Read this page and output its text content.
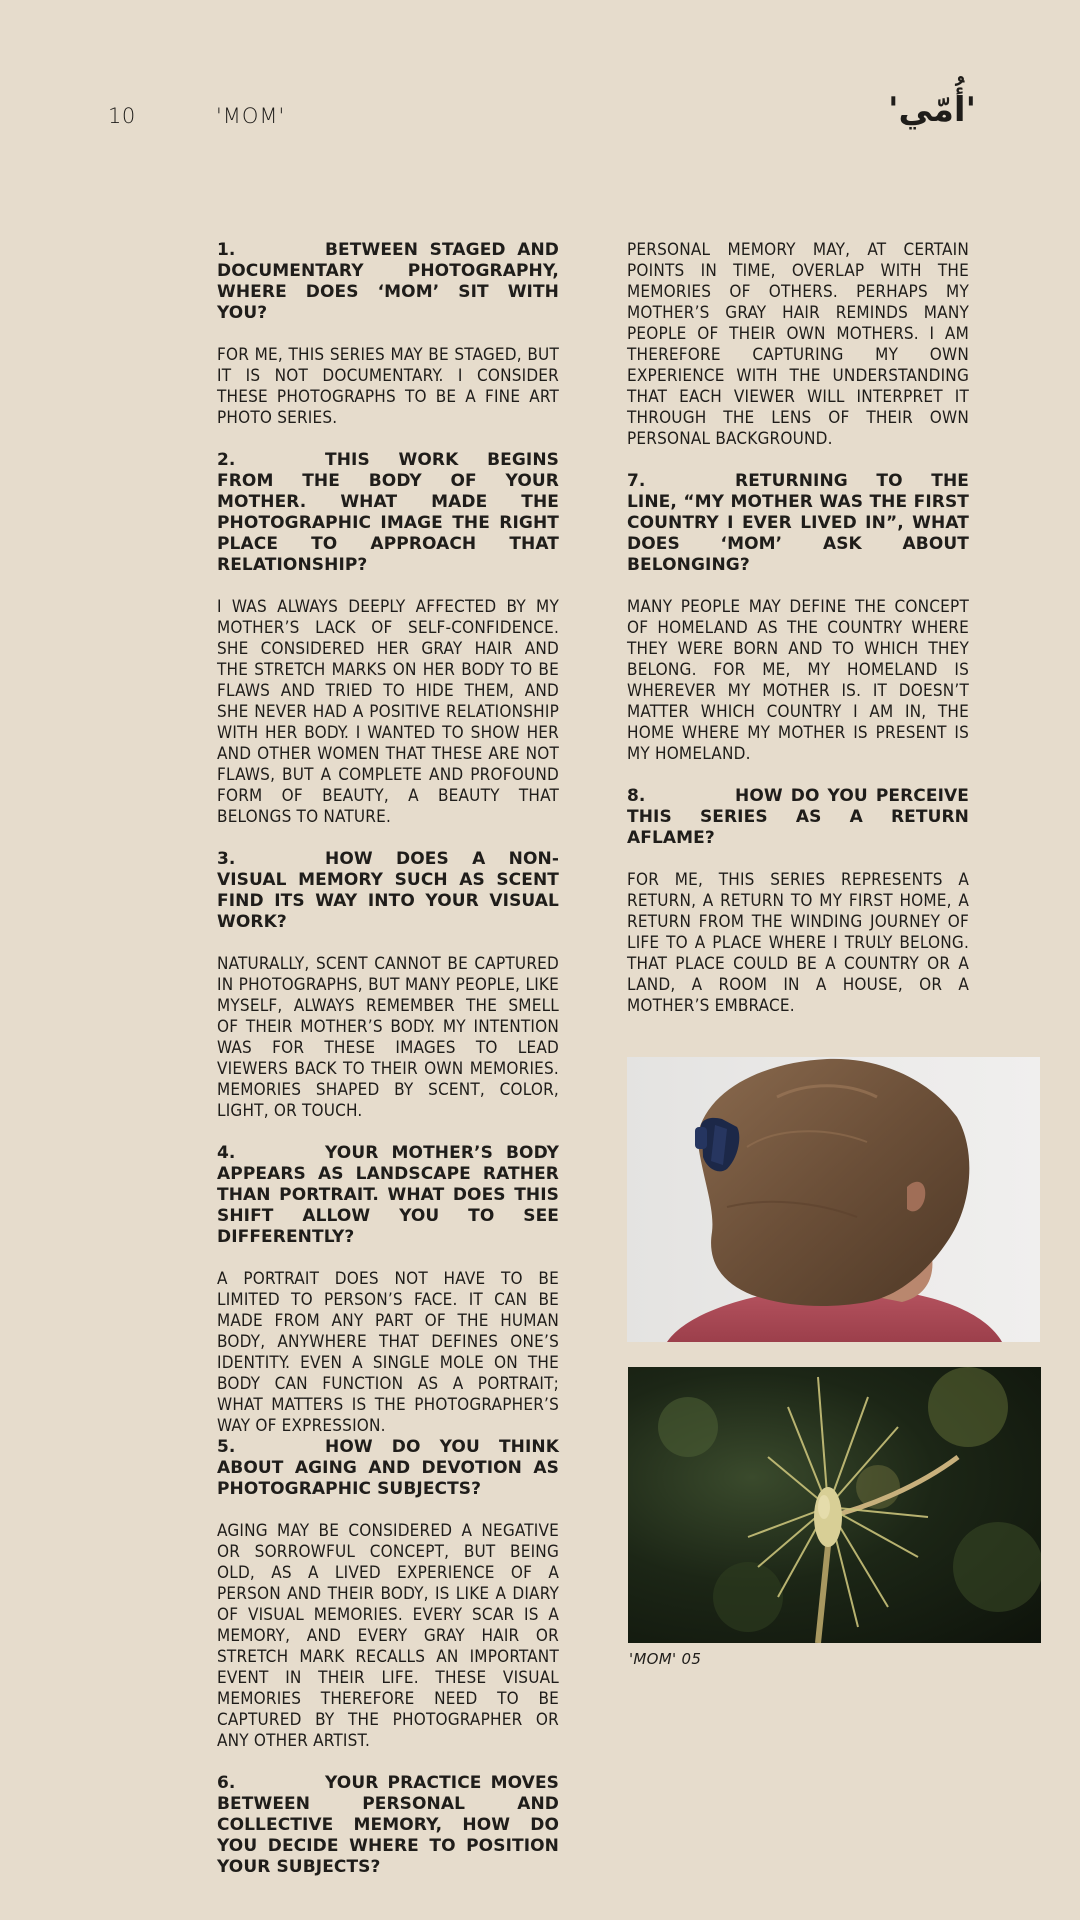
10	'MOM'	'أُمّي'

1.	BETWEEN STAGED AND DOCUMENTARY PHOTOGRAPHY, WHERE DOES ‘MOM’ SIT WITH YOU?

FOR ME, THIS SERIES MAY BE STAGED, BUT IT IS NOT DOCUMENTARY. I CONSIDER THESE PHOTOGRAPHS TO BE A FINE ART PHOTO SERIES.

2.	THIS WORK BEGINS FROM THE BODY OF YOUR MOTHER. WHAT MADE THE PHOTOGRAPHIC IMAGE THE RIGHT PLACE TO APPROACH THAT RELATIONSHIP?

I WAS ALWAYS DEEPLY AFFECTED BY MY MOTHER’S LACK OF SELF-CONFIDENCE. SHE CONSIDERED HER GRAY HAIR AND THE STRETCH MARKS ON HER BODY TO BE FLAWS AND TRIED TO HIDE THEM, AND SHE NEVER HAD A POSITIVE RELATIONSHIP WITH HER BODY. I WANTED TO SHOW HER AND OTHER WOMEN THAT THESE ARE NOT FLAWS, BUT A COMPLETE AND PROFOUND FORM OF BEAUTY, A BEAUTY THAT BELONGS TO NATURE.

3.	HOW DOES A NON-VISUAL MEMORY SUCH AS SCENT FIND ITS WAY INTO YOUR VISUAL WORK?

NATURALLY, SCENT CANNOT BE CAPTURED IN PHOTOGRAPHS, BUT MANY PEOPLE, LIKE MYSELF, ALWAYS REMEMBER THE SMELL OF THEIR MOTHER’S BODY. MY INTENTION WAS FOR THESE IMAGES TO LEAD VIEWERS BACK TO THEIR OWN MEMORIES. MEMORIES SHAPED BY SCENT, COLOR, LIGHT, OR TOUCH.

4.	YOUR MOTHER’S BODY APPEARS AS LANDSCAPE RATHER THAN PORTRAIT. WHAT DOES THIS SHIFT ALLOW YOU TO SEE DIFFERENTLY?

A PORTRAIT DOES NOT HAVE TO BE LIMITED TO PERSON’S FACE. IT CAN BE MADE FROM ANY PART OF THE HUMAN BODY, ANYWHERE THAT DEFINES ONE’S IDENTITY. EVEN A SINGLE MOLE ON THE BODY CAN FUNCTION AS A PORTRAIT; WHAT MATTERS IS THE PHOTOGRAPHER’S WAY OF EXPRESSION.

5.	HOW DO YOU THINK ABOUT AGING AND DEVOTION AS PHOTOGRAPHIC SUBJECTS?

AGING MAY BE CONSIDERED A NEGATIVE OR SORROWFUL CONCEPT, BUT BEING OLD, AS A LIVED EXPERIENCE OF A PERSON AND THEIR BODY, IS LIKE A DIARY OF VISUAL MEMORIES. EVERY SCAR IS A MEMORY, AND EVERY GRAY HAIR OR STRETCH MARK RECALLS AN IMPORTANT EVENT IN THEIR LIFE. THESE VISUAL MEMORIES THEREFORE NEED TO BE CAPTURED BY THE PHOTOGRAPHER OR ANY OTHER ARTIST.

6.	YOUR PRACTICE MOVES BETWEEN PERSONAL AND COLLECTIVE MEMORY, HOW DO YOU DECIDE WHERE TO POSITION YOUR SUBJECTS?

PERSONAL MEMORY MAY, AT CERTAIN POINTS IN TIME, OVERLAP WITH THE MEMORIES OF OTHERS. PERHAPS MY MOTHER’S GRAY HAIR REMINDS MANY PEOPLE OF THEIR OWN MOTHERS. I AM THEREFORE CAPTURING MY OWN EXPERIENCE WITH THE UNDERSTANDING THAT EACH VIEWER WILL INTERPRET IT THROUGH THE LENS OF THEIR OWN PERSONAL BACKGROUND.

7.	RETURNING TO THE LINE, “MY MOTHER WAS THE FIRST COUNTRY I EVER LIVED IN”, WHAT DOES ‘MOM’ ASK ABOUT BELONGING?

MANY PEOPLE MAY DEFINE THE CONCEPT OF HOMELAND AS THE COUNTRY WHERE THEY WERE BORN AND TO WHICH THEY BELONG. FOR ME, MY HOMELAND IS WHEREVER MY MOTHER IS. IT DOESN’T MATTER WHICH COUNTRY I AM IN, THE HOME WHERE MY MOTHER IS PRESENT IS MY HOMELAND.

8.	HOW DO YOU PERCEIVE THIS SERIES AS A RETURN AFLAME?

FOR ME, THIS SERIES REPRESENTS A RETURN, A RETURN TO MY FIRST HOME, A RETURN FROM THE WINDING JOURNEY OF LIFE TO A PLACE WHERE I TRULY BELONG. THAT PLACE COULD BE A COUNTRY OR A LAND, A ROOM IN A HOUSE, OR A MOTHER’S EMBRACE.

'MOM' 05
